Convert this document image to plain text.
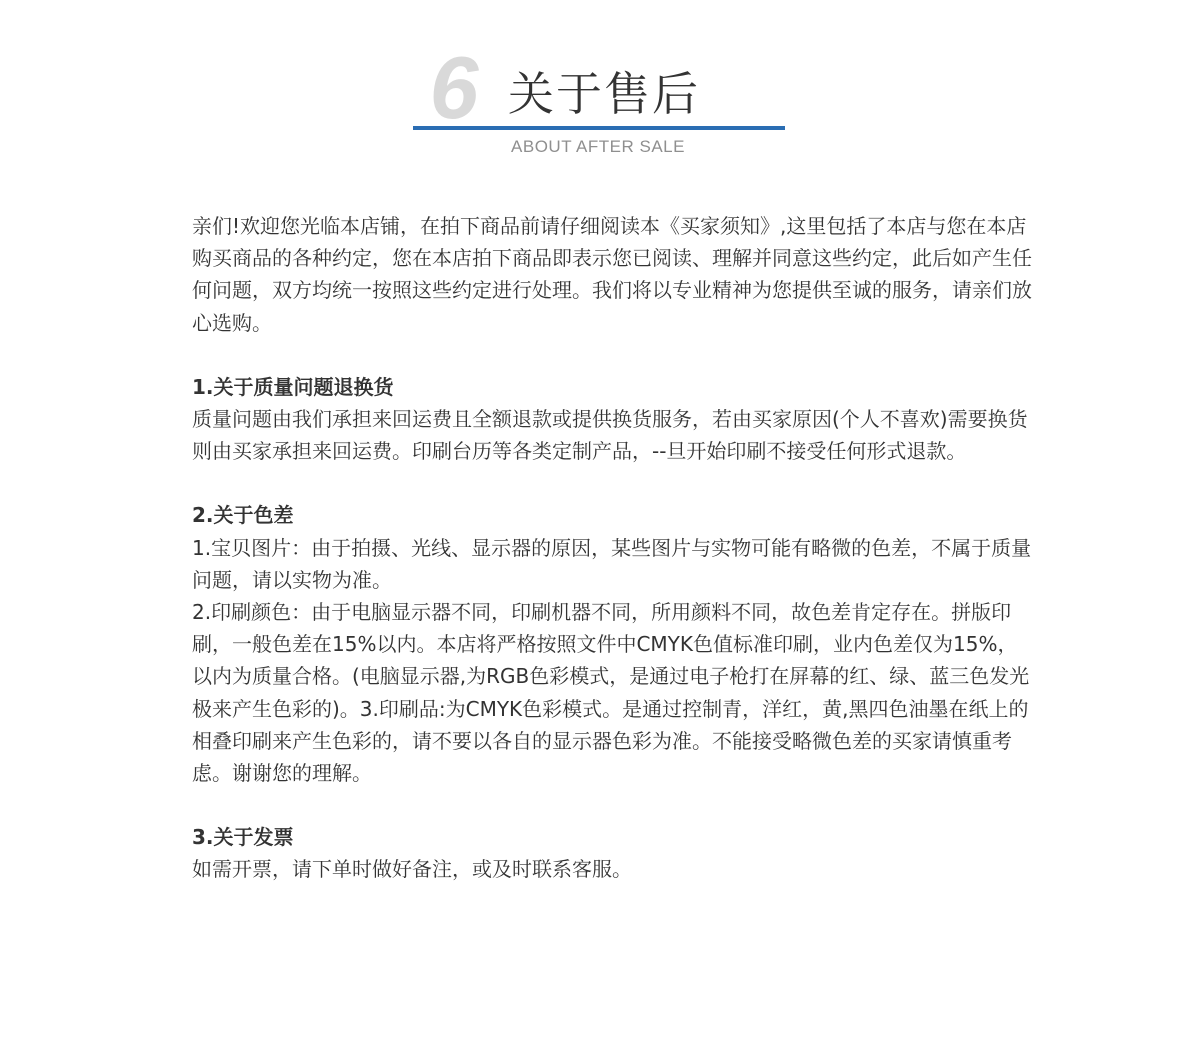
6 关于售后
ABOUT AFTER SALE

亲们!欢迎您光临本店铺，在拍下商品前请仔细阅读本《买家须知》,这里包括了本店与您在本店购买商品的各种约定，您在本店拍下商品即表示您已阅读、理解并同意这些约定，此后如产生任何问题，双方均统一按照这些约定进行处理。我们将以专业精神为您提供至诚的服务，请亲们放心选购。

1.关于质量问题退换货

质量问题由我们承担来回运费且全额退款或提供换货服务，若由买家原因(个人不喜欢)需要换货则由买家承担来回运费。印刷台历等各类定制产品，--旦开始印刷不接受任何形式退款。

2.关于色差

1.宝贝图片：由于拍摄、光线、显示器的原因，某些图片与实物可能有略微的色差，不属于质量问题，请以实物为准。

2.印刷颜色：由于电脑显示器不同，印刷机器不同，所用颜料不同，故色差肯定存在。拼版印刷，一般色差在15%以内。本店将严格按照文件中CMYK色值标准印刷，业内色差仅为15%，以内为质量合格。(电脑显示器,为RGB色彩模式，是通过电子枪打在屏幕的红、绿、蓝三色发光极来产生色彩的)。3.印刷品:为CMYK色彩模式。是通过控制青，洋红，黄,黑四色油墨在纸上的相叠印刷来产生色彩的，请不要以各自的显示器色彩为准。不能接受略微色差的买家请慎重考虑。谢谢您的理解。

3.关于发票

如需开票，请下单时做好备注，或及时联系客服。
